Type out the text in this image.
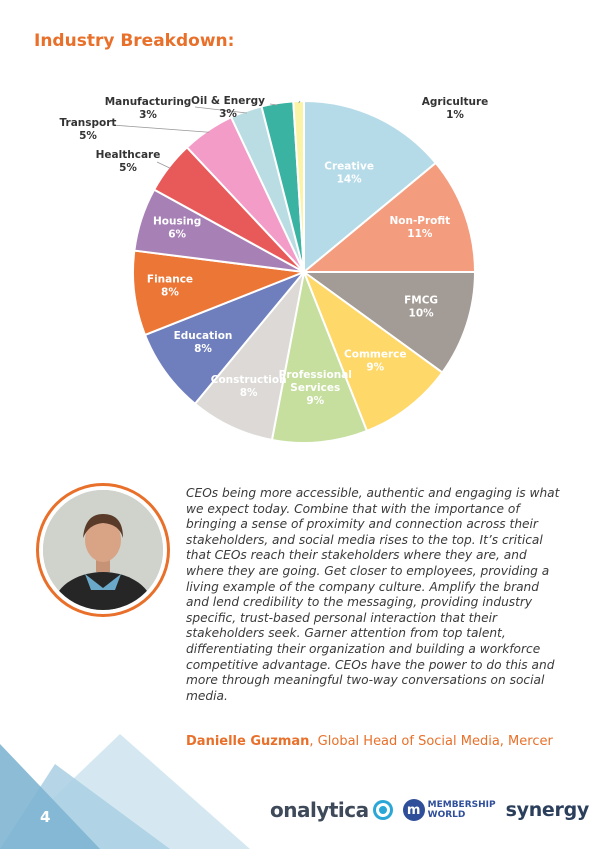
Industry Breakdown:
Creative 14%
Non-Profit 11%
FMCG 10%
Commerce 9%
Professional Services 9%
Construction 8%
Education 8%
Finance 8%
Housing 6%
Healthcare 5%
Transport 5%
Manufacturing 3%
Oil & Energy 3%
Agriculture 1%

CEOs being more accessible, authentic and engaging is what we expect today. Combine that with the importance of bringing a sense of proximity and connection across their stakeholders, and social media rises to the top. It’s critical that CEOs reach their stakeholders where they are, and where they are going. Get closer to employees, providing a living example of the company culture. Amplify the brand and lend credibility to the messaging, providing industry specific, trust-based personal interaction that their stakeholders seek. Garner attention from top talent, differentiating their organization and building a workforce competitive advantage. CEOs have the power to do this and more through meaningful two-way conversations on social media.

Danielle Guzman, Global Head of Social Media, Mercer

4	onalytica	m MEMBERSHIP
WORLD	synergy
